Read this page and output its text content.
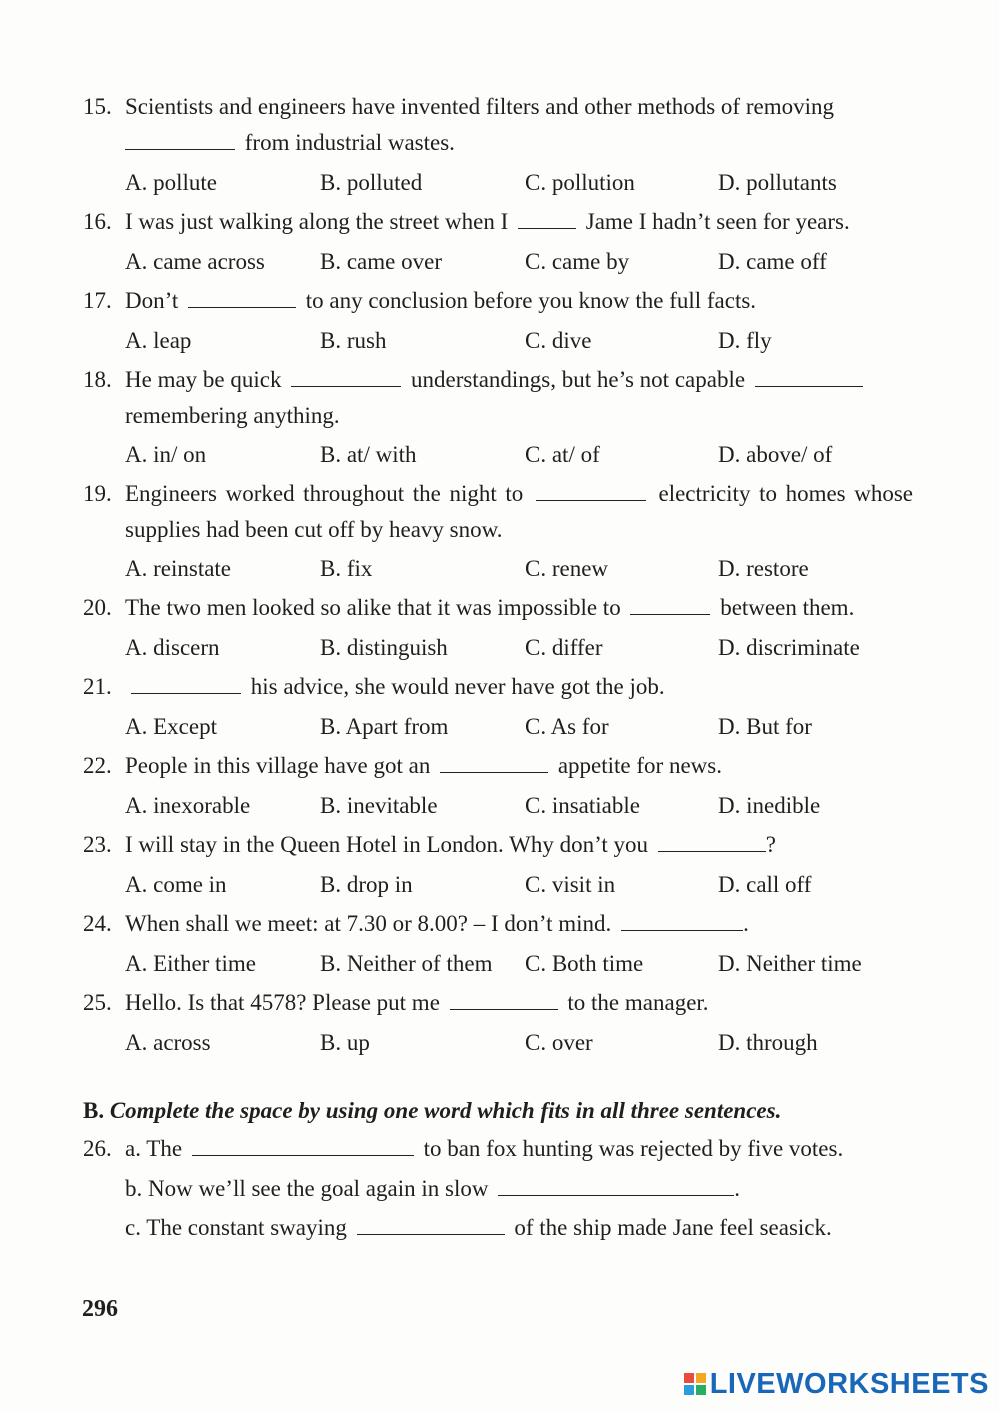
15. Scientists and engineers have invented filters and other methods of removing
from industrial wastes.
A. pollute	B. polluted	C. pollution	D. pollutants
16. I was just walking along the street when I	Jame I hadn’t seen for years.
A. came across B. came over	C. came by	D. came off
17. Don’t	to any conclusion before you know the full facts.
A. leap	B. rush	C. dive	D. fly
18. He may be quick	understandings, but he’s not capable
remembering anything.
A. in/ on	B. at/ with	C. at/ of	D. above/ of
19. Engineers worked throughout the night to	electricity to homes whose supplies had been cut off by heavy snow.
A. reinstate	B. fix	C. renew	D. restore
20. The two men looked so alike that it was impossible to	between them.
A. discern	B. distinguish	C. differ	D. discriminate
21.	his advice, she would never have got the job.
A. Except	B. Apart from	C. As for	D. But for
22. People in this village have got an	appetite for news.
A. inexorable	B. inevitable	C. insatiable	D. inedible
23. I will stay in the Queen Hotel in London. Why don’t you	?
A. come in	B. drop in	C. visit in	D. call off
24. When shall we meet: at 7.30 or 8.00? – I don’t mind.	.
A. Either time	B. Neither of them C. Both time	D. Neither time
25. Hello. Is that 4578? Please put me	to the manager.
A. across	B. up	C. over	D. through
B. Complete the space by using one word which fits in all three sentences.
26. a. The	to ban fox hunting was rejected by five votes.
b. Now we’ll see the goal again in slow	.
c. The constant swaying	of the ship made Jane feel seasick.
296
LIVEWORKSHEETS
